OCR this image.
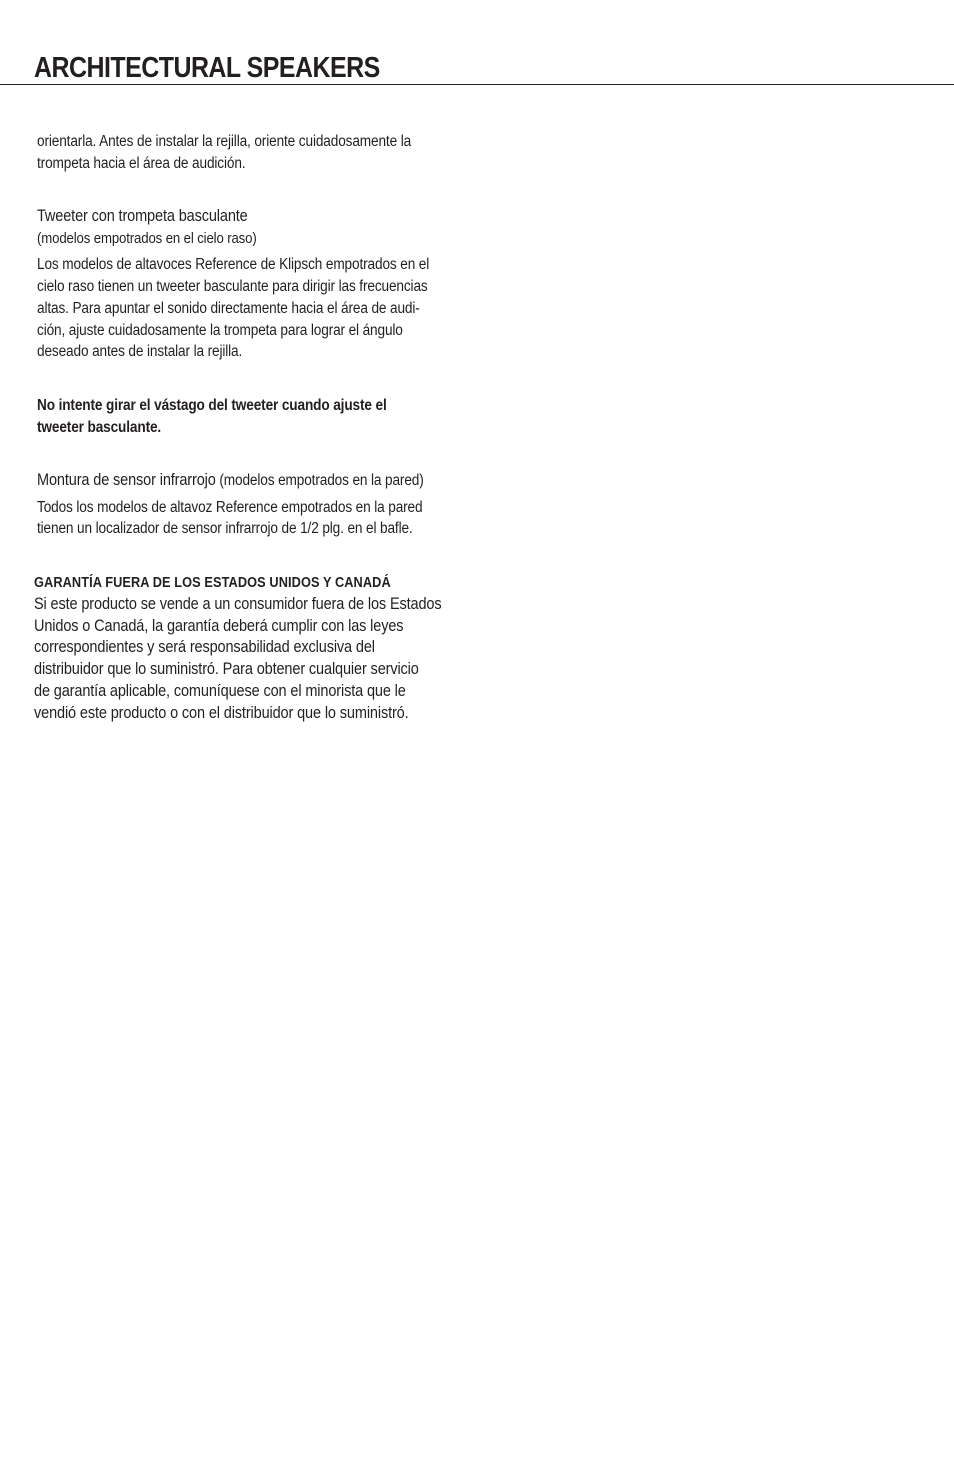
ARCHITECTURAL SPEAKERS

orientarla. Antes de instalar la rejilla, oriente cuidadosamente la

trompeta hacia el área de audición.

Tweeter con trompeta basculante

(modelos empotrados en el cielo raso)

Los modelos de altavoces Reference de Klipsch empotrados en el

cielo raso tienen un tweeter basculante para dirigir las frecuencias

altas. Para apuntar el sonido directamente hacia el área de audi-

ción, ajuste cuidadosamente la trompeta para lograr el ángulo

deseado antes de instalar la rejilla.

No intente girar el vástago del tweeter cuando ajuste el

tweeter basculante.

Montura de sensor infrarrojo (modelos empotrados en la pared)

Todos los modelos de altavoz Reference empotrados en la pared

tienen un localizador de sensor infrarrojo de 1/2 plg. en el bafle.

GARANTÍA FUERA DE LOS ESTADOS UNIDOS Y CANADÁ

Si este producto se vende a un consumidor fuera de los Estados

Unidos o Canadá, la garantía deberá cumplir con las leyes

correspondientes y será responsabilidad exclusiva del

distribuidor que lo suministró. Para obtener cualquier servicio

de garantía aplicable, comuníquese con el minorista que le

vendió este producto o con el distribuidor que lo suministró.
